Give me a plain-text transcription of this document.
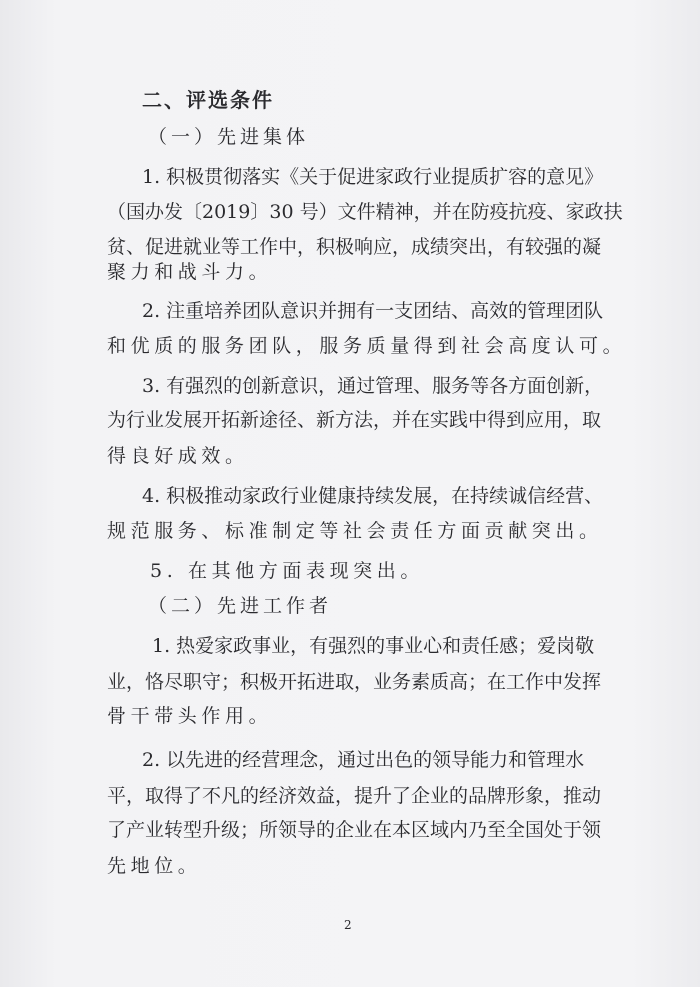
二、评选条件
（一）先进集体
1. 积极贯彻落实《关于促进家政行业提质扩容的意见》
（国办发〔2019〕30 号）文件精神，并在防疫抗疫、家政扶
贫、促进就业等工作中，积极响应，成绩突出，有较强的凝
聚力和战斗力。
2. 注重培养团队意识并拥有一支团结、高效的管理团队
和优质的服务团队，服务质量得到社会高度认可。
3. 有强烈的创新意识，通过管理、服务等各方面创新，
为行业发展开拓新途径、新方法，并在实践中得到应用，取
得良好成效。
4. 积极推动家政行业健康持续发展，在持续诚信经营、
规范服务、标准制定等社会责任方面贡献突出。
5. 在其他方面表现突出。
（二）先进工作者
1. 热爱家政事业，有强烈的事业心和责任感；爱岗敬
业，恪尽职守；积极开拓进取，业务素质高；在工作中发挥
骨干带头作用。
2. 以先进的经营理念，通过出色的领导能力和管理水
平，取得了不凡的经济效益，提升了企业的品牌形象，推动
了产业转型升级；所领导的企业在本区域内乃至全国处于领
先地位。
2
